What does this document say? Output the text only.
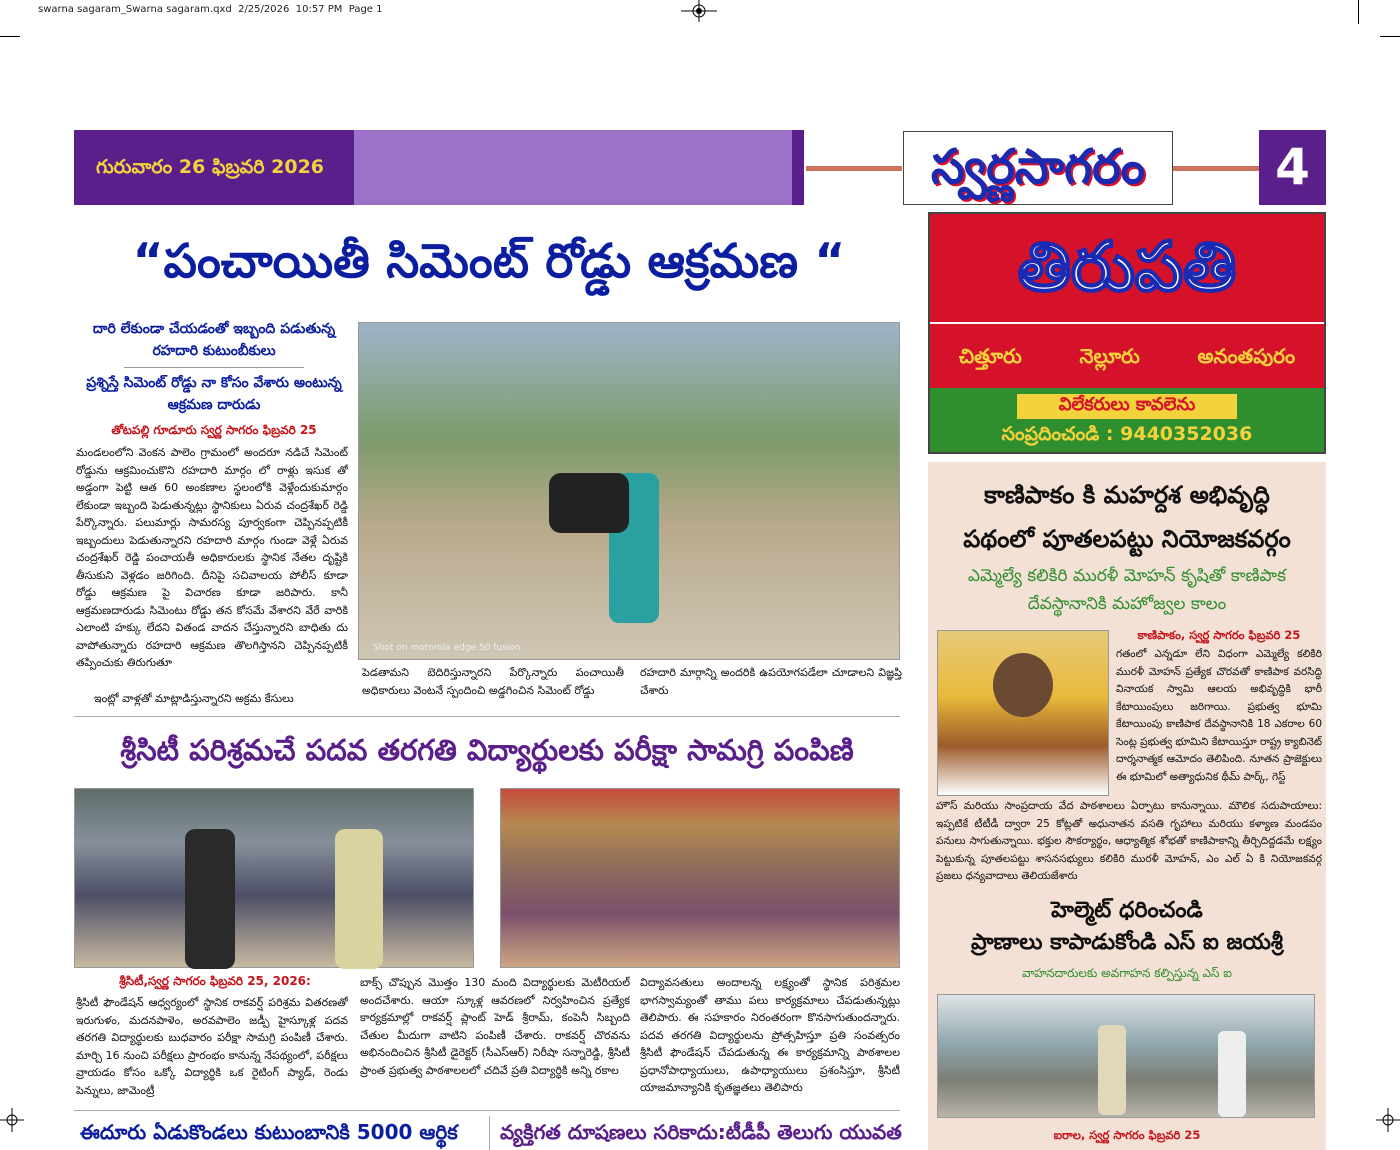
swarna sagaram_Swarna sagaram.qxd 2/25/2026 10:57 PM Page 1
గురువారం 26 ఫిబ్రవరి 2026	స్వర్ణసాగరం	4
“పంచాయితీ సిమెంట్ రోడ్డు ఆక్రమణ “
దారి లేకుండా చేయడంతో ఇబ్బంది పడుతున్న రహదారి కుటుంబీకులు
ప్రశ్నిస్తే సిమెంట్ రోడ్డు నా కోసం వేశారు అంటున్న ఆక్రమణ దారుడు
తోటపల్లి గూడూరు స్వర్ణ సాగరం ఫిబ్రవరి 25
మండలంలోని వెంకన పాలెం గ్రామంలో అందరూ నడిచే సిమెంట్ రోడ్డును ఆక్రమించుకొని రహదారి మార్గం లో రాళ్లు ఇసుక తో అడ్డంగా పెట్టి ఆత 60 అంకణాల స్థలంలోకి వెళ్లేందుకుమార్గం లేకుండా ఇబ్బంది పెడుతున్నట్లు స్థానికులు ఏరువ చంద్రశేఖర్ రెడ్డి పేర్కొన్నారు. పలుమార్లు సామరస్య పూర్వకంగా చెప్పినప్పటికీ ఇబ్బందులు పెడుతున్నారని రహదారి మార్గం గుండా వెళ్లే ఏరువ చంద్రశేఖర్ రెడ్డి పంచాయతీ అధికారులకు స్థానిక నేతల దృష్టికి తీసుకుని వెళ్లడం జరిగింది. దీనిపై సచివాలయ పోలీస్ కూడా రోడ్డు ఆక్రమణ పై విచారణ కూడా జరిపారు. కానీ ఆక్రమణదారుడు సిమెంటు రోడ్డు తన కోసమే వేశారని వేరే వారికి ఎలాంటి హక్కు లేదని వితండ వాదన చేస్తున్నారని బాధితు దు వాపోతున్నారు రహదారి ఆక్రమణ తొలగిస్తానని చెప్పినప్పటికీ తప్పించుకు తిరుగుతూ
ఇంట్లో వాళ్లతో మాట్లాడిస్తున్నారని అక్రమ కేసులు
Shot on motorola edge 50 fusion
పెడతామని బెదిరిస్తున్నారని పేర్కొన్నారు పంచాయితీ అధికారులు వెంటనే స్పందించి అడ్డగించిన సిమెంట్ రోడ్డు
రహదారి మార్గాన్ని అందరికి ఉపయోగపడేలా చూడాలని విజ్ఞప్తి చేశారు
శ్రీసిటీ పరిశ్రమచే పదవ తరగతి విద్యార్థులకు పరీక్షా సామగ్రి పంపిణి
శ్రీసిటీ,స్వర్ణ సాగరం ఫిబ్రవరి 25, 2026:
శ్రీసిటీ ఫౌండేషన్ ఆధ్వర్యంలో స్థానిక రాకవర్ష్ పరిశ్రమ వితరణతో ఇరుగుళం, మదనపాళెం, అరవపాలెం జడ్పీ హైస్కూళ్ల పదవ తరగతి విద్యార్థులకు బుధవారం పరీక్షా సామగ్రి పంపిణీ చేశారు. మార్చి 16 నుంచి పరీక్షలు ప్రారంభం కానున్న నేపథ్యంలో, పరీక్షలు వ్రాయడం కోసం ఒక్కో విద్యార్థికి ఒక రైటింగ్ ప్యాడ్, రెండు పెన్నులు, జామెంట్రీ
బాక్స్ చొప్పున మొత్తం 130 మంది విద్యార్థులకు మెటీరియల్ అందచేశారు. ఆయా స్కూళ్ల ఆవరణలో నిర్వహించిన ప్రత్యేక కార్యక్రమాల్లో రాకవర్ష్ ప్లాంట్ హెడ్ శ్రీరామ్, కంపెనీ సిబ్బంది చేతుల మీదుగా వాటిని పంపిణీ చేశారు. రాకవర్ష్ చొరవను అభినందించిన శ్రీసిటీ డైరెక్టర్ (సీఎస్ఆర్) నిరీషా సన్నారెడ్డి, శ్రీసిటీ ప్రాంత ప్రభుత్వ పాఠశాలలలో చదివే ప్రతి విద్యార్థికి అన్ని రకాల
విద్యావసతులు అందాలన్న లక్ష్యంతో స్థానిక పరిశ్రమల భాగస్వామ్యంతో తాము పలు కార్యక్రమాలు చేపడుతున్నట్లు తెలిపారు. ఈ సహకారం నిరంతరంగా కొనసాగుతుందన్నారు. పదవ తరగతి విద్యార్థులను ప్రోత్సహిస్తూ ప్రతి సంవత్సరం శ్రీసిటీ ఫౌండేషన్ చేపడుతున్న ఈ కార్యక్రమాన్ని పాఠశాలల ప్రధానోపాధ్యాయులు, ఉపాధ్యాయులు ప్రశంసిస్తూ, శ్రీసిటీ యాజమాన్యానికి కృతజ్ఞతలు తెలిపారు
ఈదూరు ఏడుకొండలు కుటుంబానికి 5000 ఆర్థిక	వ్యక్తిగత దూషణలు సరికాదు:టీడీపీ తెలుగు యువత
తిరుపతి
చిత్తూరు	నెల్లూరు	అనంతపురం
విలేకరులు కావలెను
సంప్రదించండి : 9440352036
కాణిపాకం కి మహర్దశ అభివృద్ధి
పథంలో పూతలపట్టు నియోజకవర్గం
ఎమ్మెల్యే కలికిరి మురళీ మోహన్ కృషితో కాణిపాక దేవస్థానానికి మహోజ్వల కాలం
కాణిపాకం, స్వర్ణ సాగరం ఫిబ్రవరి 25
గతంలో ఎన్నడూ లేని విధంగా ఎమ్మెల్యే కలికిరి మురళీ మోహన్ ప్రత్యేక చొరవతో కాణిపాక వరసిద్ధి వినాయక స్వామి ఆలయ అభివృద్ధికి భారీ కేటాయింపులు జరిగాయి. ప్రభుత్వ భూమి కేటాయింపు కాణిపాక దేవస్థానానికి 18 ఎకరాల 60 సెంట్ల ప్రభుత్వ భూమిని కేటాయిస్తూ రాష్ట్ర క్యాబినెట్ దార్శనాత్మక ఆమోదం తెలిపింది. నూతన ప్రాజెక్టులు ఈ భూమిలో అత్యాధునిక థీమ్ పార్క్, గెస్ట్
హౌస్ మరియు సాంప్రదాయ వేద పాఠశాలలు ఏర్పాటు కానున్నాయి. మౌలిక సదుపాయాలు: ఇప్పటికే టీటీడీ ద్వారా 25 కోట్లతో అధునాతన వసతి గృహాలు మరియు కళ్యాణ మండపం పనులు సాగుతున్నాయి. భక్తుల సౌకర్యార్థం, ఆధ్యాత్మిక శోభతో కాణిపాకాన్ని తీర్చిదిద్దడమే లక్ష్యం పెట్టుకున్న పూతలపట్టు శాసనసభ్యులు కలికిరి మురళీ మోహన్, ఎం ఎల్ ఏ కి నియోజకవర్గ ప్రజలు ధన్యవాదాలు తెలియజేశారు
హెల్మెట్ ధరించండి
ప్రాణాలు కాపాడుకోండి ఎస్ ఐ జయశ్రీ
వాహనదారులకు అవగాహన కల్పిస్తున్న ఎస్ ఐ
ఐరాల, స్వర్ణ సాగరం ఫిబ్రవరి 25
